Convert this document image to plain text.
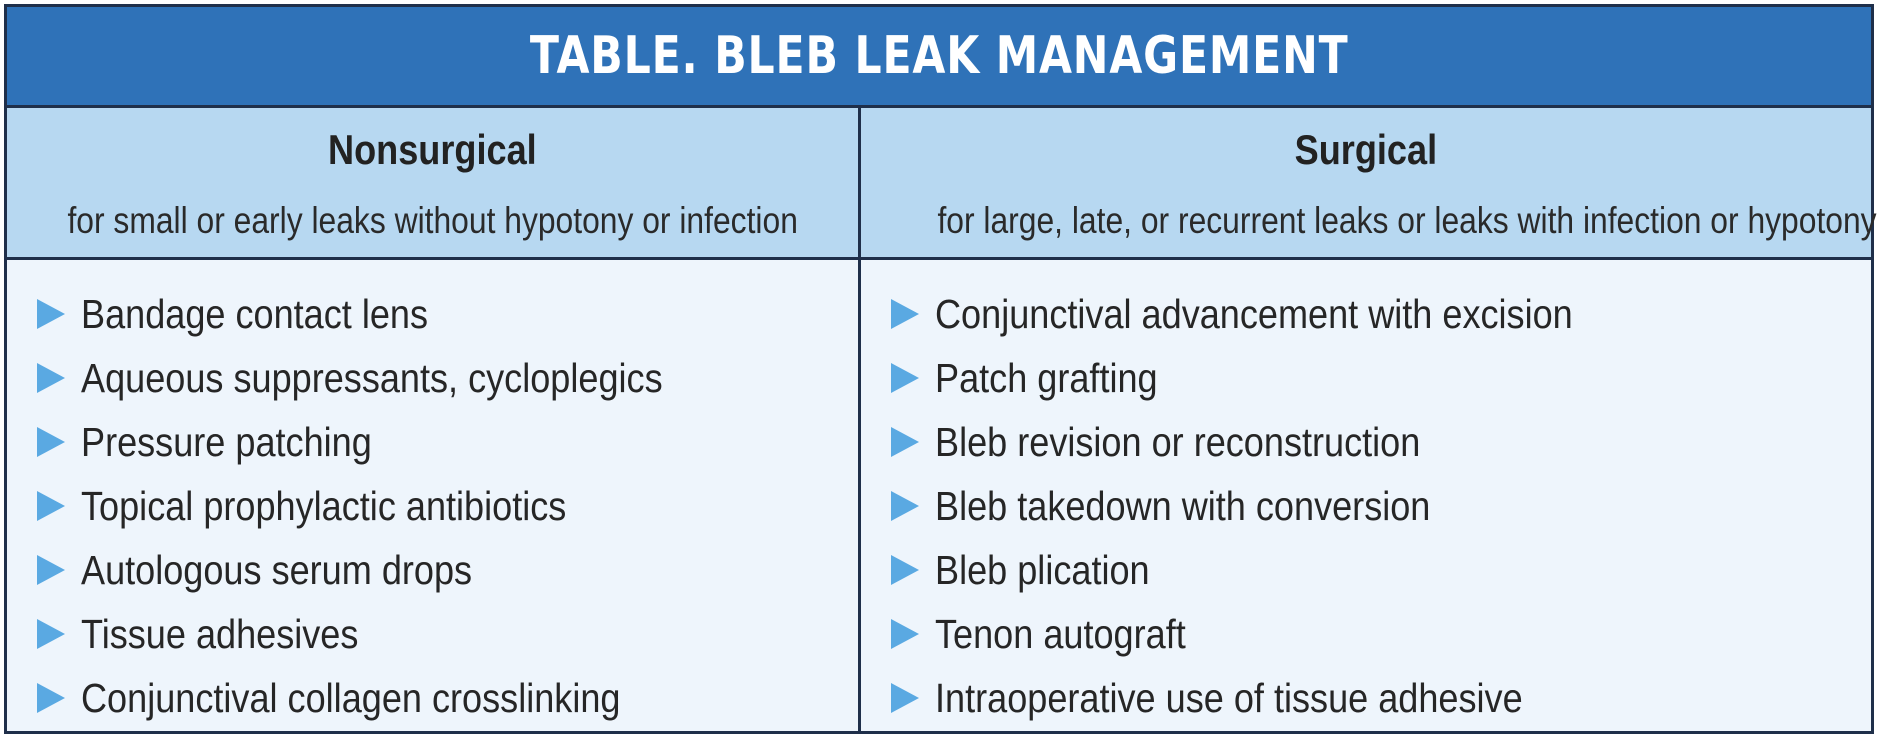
TABLE. BLEB LEAK MANAGEMENT
Nonsurgical
for small or early leaks without hypotony or infection
Bandage contact lens
Aqueous suppressants, cycloplegics
Pressure patching
Topical prophylactic antibiotics
Autologous serum drops
Tissue adhesives
Conjunctival collagen crosslinking
Surgical
for large, late, or recurrent leaks or leaks with infection or hypotony
Conjunctival advancement with excision
Patch grafting
Bleb revision or reconstruction
Bleb takedown with conversion
Bleb plication
Tenon autograft
Intraoperative use of tissue adhesive
